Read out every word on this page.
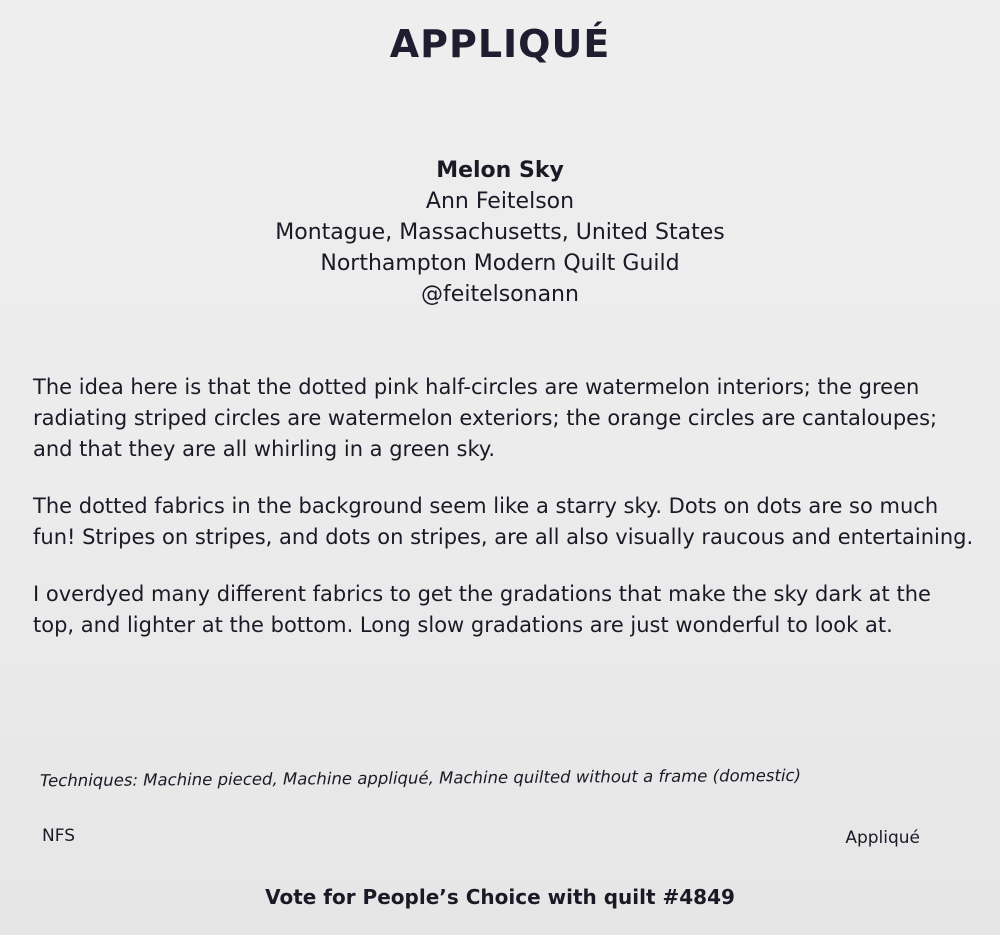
APPLIQUÉ
Melon Sky
Ann Feitelson
Montague, Massachusetts, United States
Northampton Modern Quilt Guild
@feitelsonann

The idea here is that the dotted pink half-circles are watermelon interiors; the green radiating striped circles are watermelon exteriors; the orange circles are cantaloupes; and that they are all whirling in a green sky.

The dotted fabrics in the background seem like a starry sky. Dots on dots are so much fun! Stripes on stripes, and dots on stripes, are all also visually raucous and entertaining.

I overdyed many different fabrics to get the gradations that make the sky dark at the top, and lighter at the bottom. Long slow gradations are just wonderful to look at.

Techniques: Machine pieced, Machine appliqué, Machine quilted without a frame (domestic)
NFS	Appliqué
Vote for People’s Choice with quilt #4849
